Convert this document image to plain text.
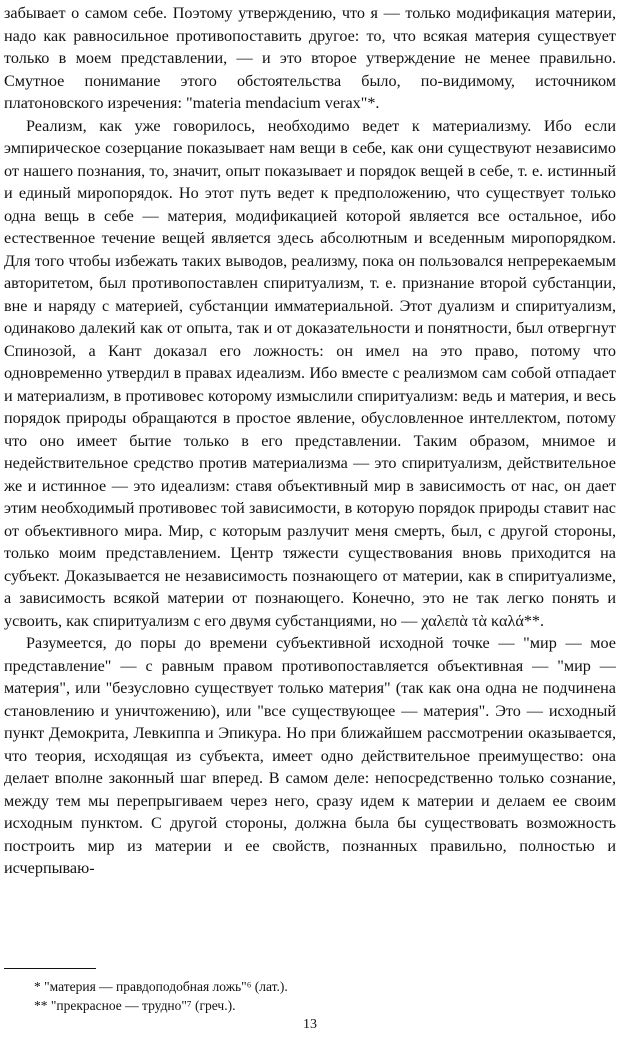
забывает о самом себе. Поэтому утверждению, что я — только модификация материи, надо как равносильное противопоставить другое: то, что всякая материя существует только в моем представлении, — и это второе утверждение не менее правильно. Смутное понимание этого обстоятельства было, по-видимому, источником платоновского изречения: "materia mendacium verax"*.

Реализм, как уже говорилось, необходимо ведет к материализму. Ибо если эмпирическое созерцание показывает нам вещи в себе, как они существуют независимо от нашего познания, то, значит, опыт показывает и порядок вещей в себе, т. е. истинный и единый миропорядок. Но этот путь ведет к предположению, что существует только одна вещь в себе — материя, модификацией которой является все остальное, ибо естественное течение вещей является здесь абсолютным и вседенным миропорядком. Для того чтобы избежать таких выводов, реализму, пока он пользовался непререкаемым авторитетом, был противопоставлен спиритуализм, т. е. признание второй субстанции, вне и наряду с материей, субстанции имматериальной. Этот дуализм и спиритуализм, одинаково далекий как от опыта, так и от доказательности и понятности, был отвергнут Спинозой, а Кант доказал его ложность: он имел на это право, потому что одновременно утвердил в правах идеализм. Ибо вместе с реализмом сам собой отпадает и материализм, в противовес которому измыслили спиритуализм: ведь и материя, и весь порядок природы обращаются в простое явление, обусловленное интеллектом, потому что оно имеет бытие только в его представлении. Таким образом, мнимое и недействительное средство против материализма — это спиритуализм, действительное же и истинное — это идеализм: ставя объективный мир в зависимость от нас, он дает этим необходимый противовес той зависимости, в которую порядок природы ставит нас от объективного мира. Мир, с которым разлучит меня смерть, был, с другой стороны, только моим представлением. Центр тяжести существования вновь приходится на субъект. Доказывается не независимость познающего от материи, как в спиритуализме, а зависимость всякой материи от познающего. Конечно, это не так легко понять и усвоить, как спиритуализм с его двумя субстанциями, но — χαλεπὰ τὰ καλά**.

Разумеется, до поры до времени субъективной исходной точке — "мир — мое представление" — с равным правом противопоставляется объективная — "мир — материя", или "безусловно существует только материя" (так как она одна не подчинена становлению и уничтожению), или "все существующее — материя". Это — исходный пункт Демокрита, Левкиппа и Эпикура. Но при ближайшем рассмотрении оказывается, что теория, исходящая из субъекта, имеет одно действительное преимущество: она делает вполне законный шаг вперед. В самом деле: непосредственно только сознание, между тем мы перепрыгиваем через него, сразу идем к материи и делаем ее своим исходным пунктом. С другой стороны, должна была бы существовать возможность построить мир из материи и ее свойств, познанных правильно, полностью и исчерпываю-

* "материя — правдоподобная ложь"⁶ (лат.).

** "прекрасное — трудно"⁷ (греч.).

13
